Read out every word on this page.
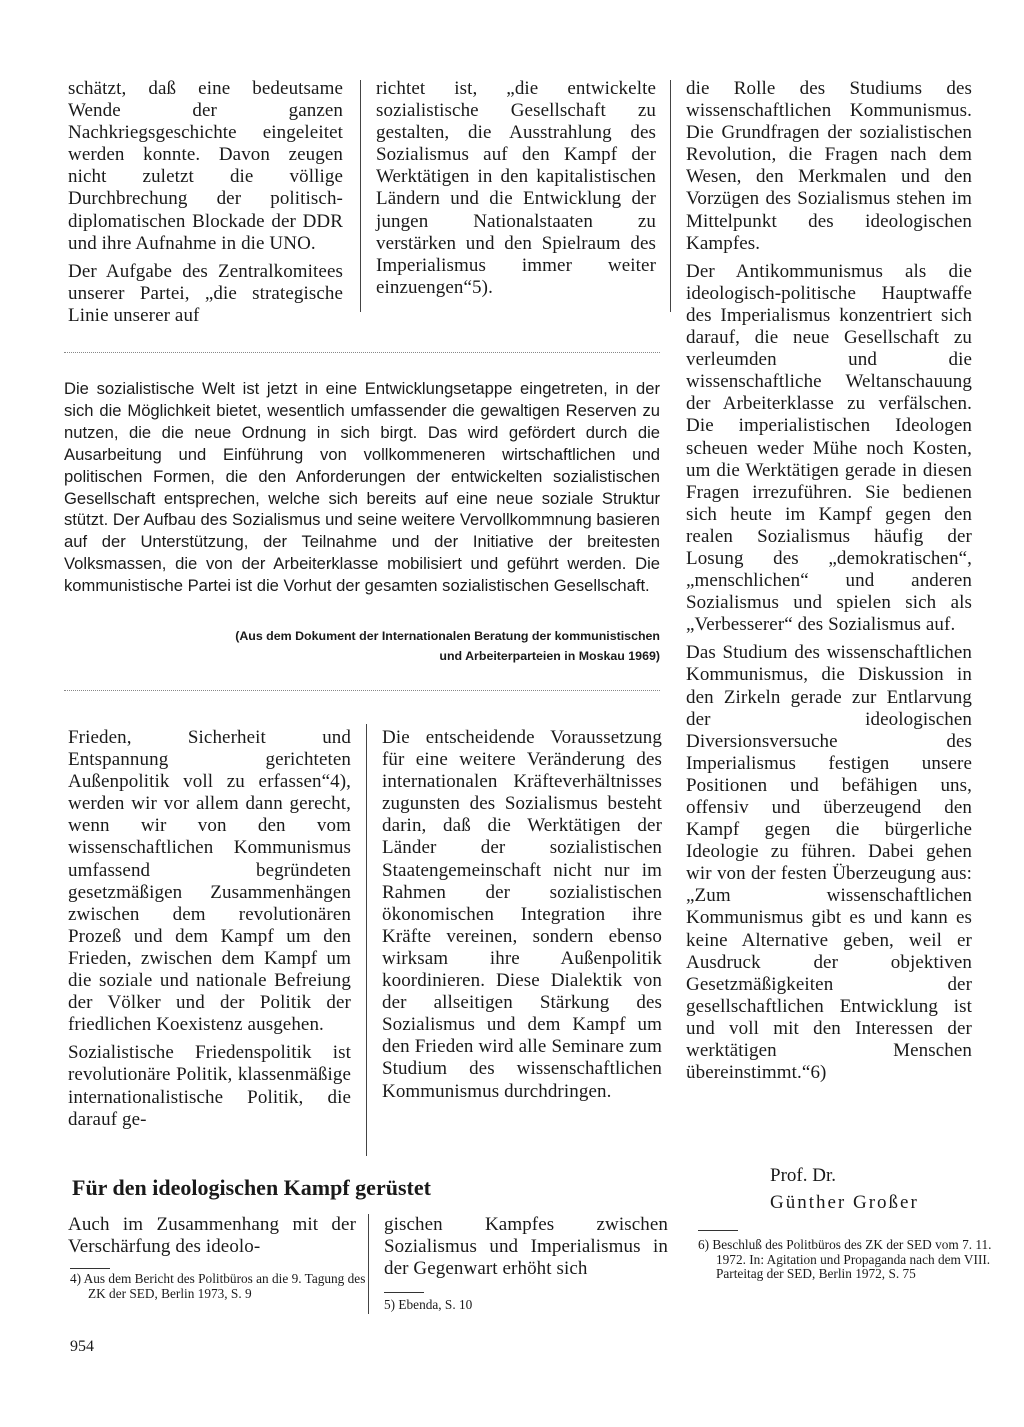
schätzt, daß eine bedeutsame Wende der ganzen Nachkriegsgeschichte eingeleitet werden konnte. Davon zeugen nicht zuletzt die völlige Durchbrechung der politisch-diplomatischen Blockade der DDR und ihre Aufnahme in die UNO.

Der Aufgabe des Zentralkomitees unserer Partei, „die strategische Linie unserer auf

richtet ist, „die entwickelte sozialistische Gesellschaft zu gestalten, die Ausstrahlung des Sozialismus auf den Kampf der Werktätigen in den kapitalistischen Ländern und die Entwicklung der jungen Nationalstaaten zu verstärken und den Spielraum des Imperialismus immer weiter einzuengen“5).

die Rolle des Studiums des wissenschaftlichen Kommunismus. Die Grundfragen der sozialistischen Revolution, die Fragen nach dem Wesen, den Merkmalen und den Vorzügen des Sozialismus stehen im Mittelpunkt des ideologischen Kampfes.

Der Antikommunismus als die ideologisch-politische Hauptwaffe des Imperialismus konzentriert sich darauf, die neue Gesellschaft zu verleumden und die wissenschaftliche Weltanschauung der Arbeiterklasse zu verfälschen. Die imperialistischen Ideologen scheuen weder Mühe noch Kosten, um die Werktätigen gerade in diesen Fragen irrezuführen. Sie bedienen sich heute im Kampf gegen den realen Sozialismus häufig der Losung des „demokratischen“, „menschlichen“ und anderen Sozialismus und spielen sich als „Verbesserer“ des Sozialismus auf.

Das Studium des wissenschaftlichen Kommunismus, die Diskussion in den Zirkeln gerade zur Entlarvung der ideologischen Diversionsversuche des Imperialismus festigen unsere Positionen und befähigen uns, offensiv und überzeugend den Kampf gegen die bürgerliche Ideologie zu führen. Dabei gehen wir von der festen Überzeugung aus: „Zum wissenschaftlichen Kommunismus gibt es und kann es keine Alternative geben, weil er Ausdruck der objektiven Gesetzmäßigkeiten der gesellschaftlichen Entwicklung ist und voll mit den Interessen der werktätigen Menschen übereinstimmt.“6)

Prof. Dr.
Günther Großer
Die sozialistische Welt ist jetzt in eine Entwicklungsetappe eingetreten, in der sich die Möglichkeit bietet, wesentlich umfassender die gewaltigen Reserven zu nutzen, die die neue Ordnung in sich birgt. Das wird gefördert durch die Ausarbeitung und Einführung von vollkommeneren wirtschaftlichen und politischen Formen, die den Anforderungen der entwickelten sozialistischen Gesellschaft entsprechen, welche sich bereits auf eine neue soziale Struktur stützt. Der Aufbau des Sozialismus und seine weitere Vervollkommnung basieren auf der Unterstützung, der Teilnahme und der Initiative der breitesten Volksmassen, die von der Arbeiterklasse mobilisiert und geführt werden. Die kommunistische Partei ist die Vorhut der gesamten sozialistischen Gesellschaft.
(Aus dem Dokument der Internationalen Beratung der kommunistischen
und Arbeiterparteien in Moskau 1969)

Frieden, Sicherheit und Entspannung gerichteten Außenpolitik voll zu erfassen“4), werden wir vor allem dann gerecht, wenn wir von den vom wissenschaftlichen Kommunismus umfassend begründeten gesetzmäßigen Zusammenhängen zwischen dem revolutionären Prozeß und dem Kampf um den Frieden, zwischen dem Kampf um die soziale und nationale Befreiung der Völker und der Politik der friedlichen Koexistenz ausgehen.

Sozialistische Friedenspolitik ist revolutionäre Politik, klassenmäßige internationalistische Politik, die darauf ge-

Die entscheidende Voraussetzung für eine weitere Veränderung des internationalen Kräfteverhältnisses zugunsten des Sozialismus besteht darin, daß die Werktätigen der Länder der sozialistischen Staatengemeinschaft nicht nur im Rahmen der sozialistischen ökonomischen Integration ihre Kräfte vereinen, sondern ebenso wirksam ihre Außenpolitik koordinieren. Diese Dialektik von der allseitigen Stärkung des Sozialismus und dem Kampf um den Frieden wird alle Seminare zum Studium des wissenschaftlichen Kommunismus durchdringen.

Für den ideologischen Kampf gerüstet

Auch im Zusammenhang mit der Verschärfung des ideolo-

gischen Kampfes zwischen Sozialismus und Imperialismus in der Gegenwart erhöht sich

4) Aus dem Bericht des Politbüros an die 9. Tagung des ZK der SED, Berlin 1973, S. 9

5) Ebenda, S. 10

6) Beschluß des Politbüros des ZK der SED vom 7. 11. 1972. In: Agitation und Propaganda nach dem VIII. Parteitag der SED, Berlin 1972, S. 75

954
